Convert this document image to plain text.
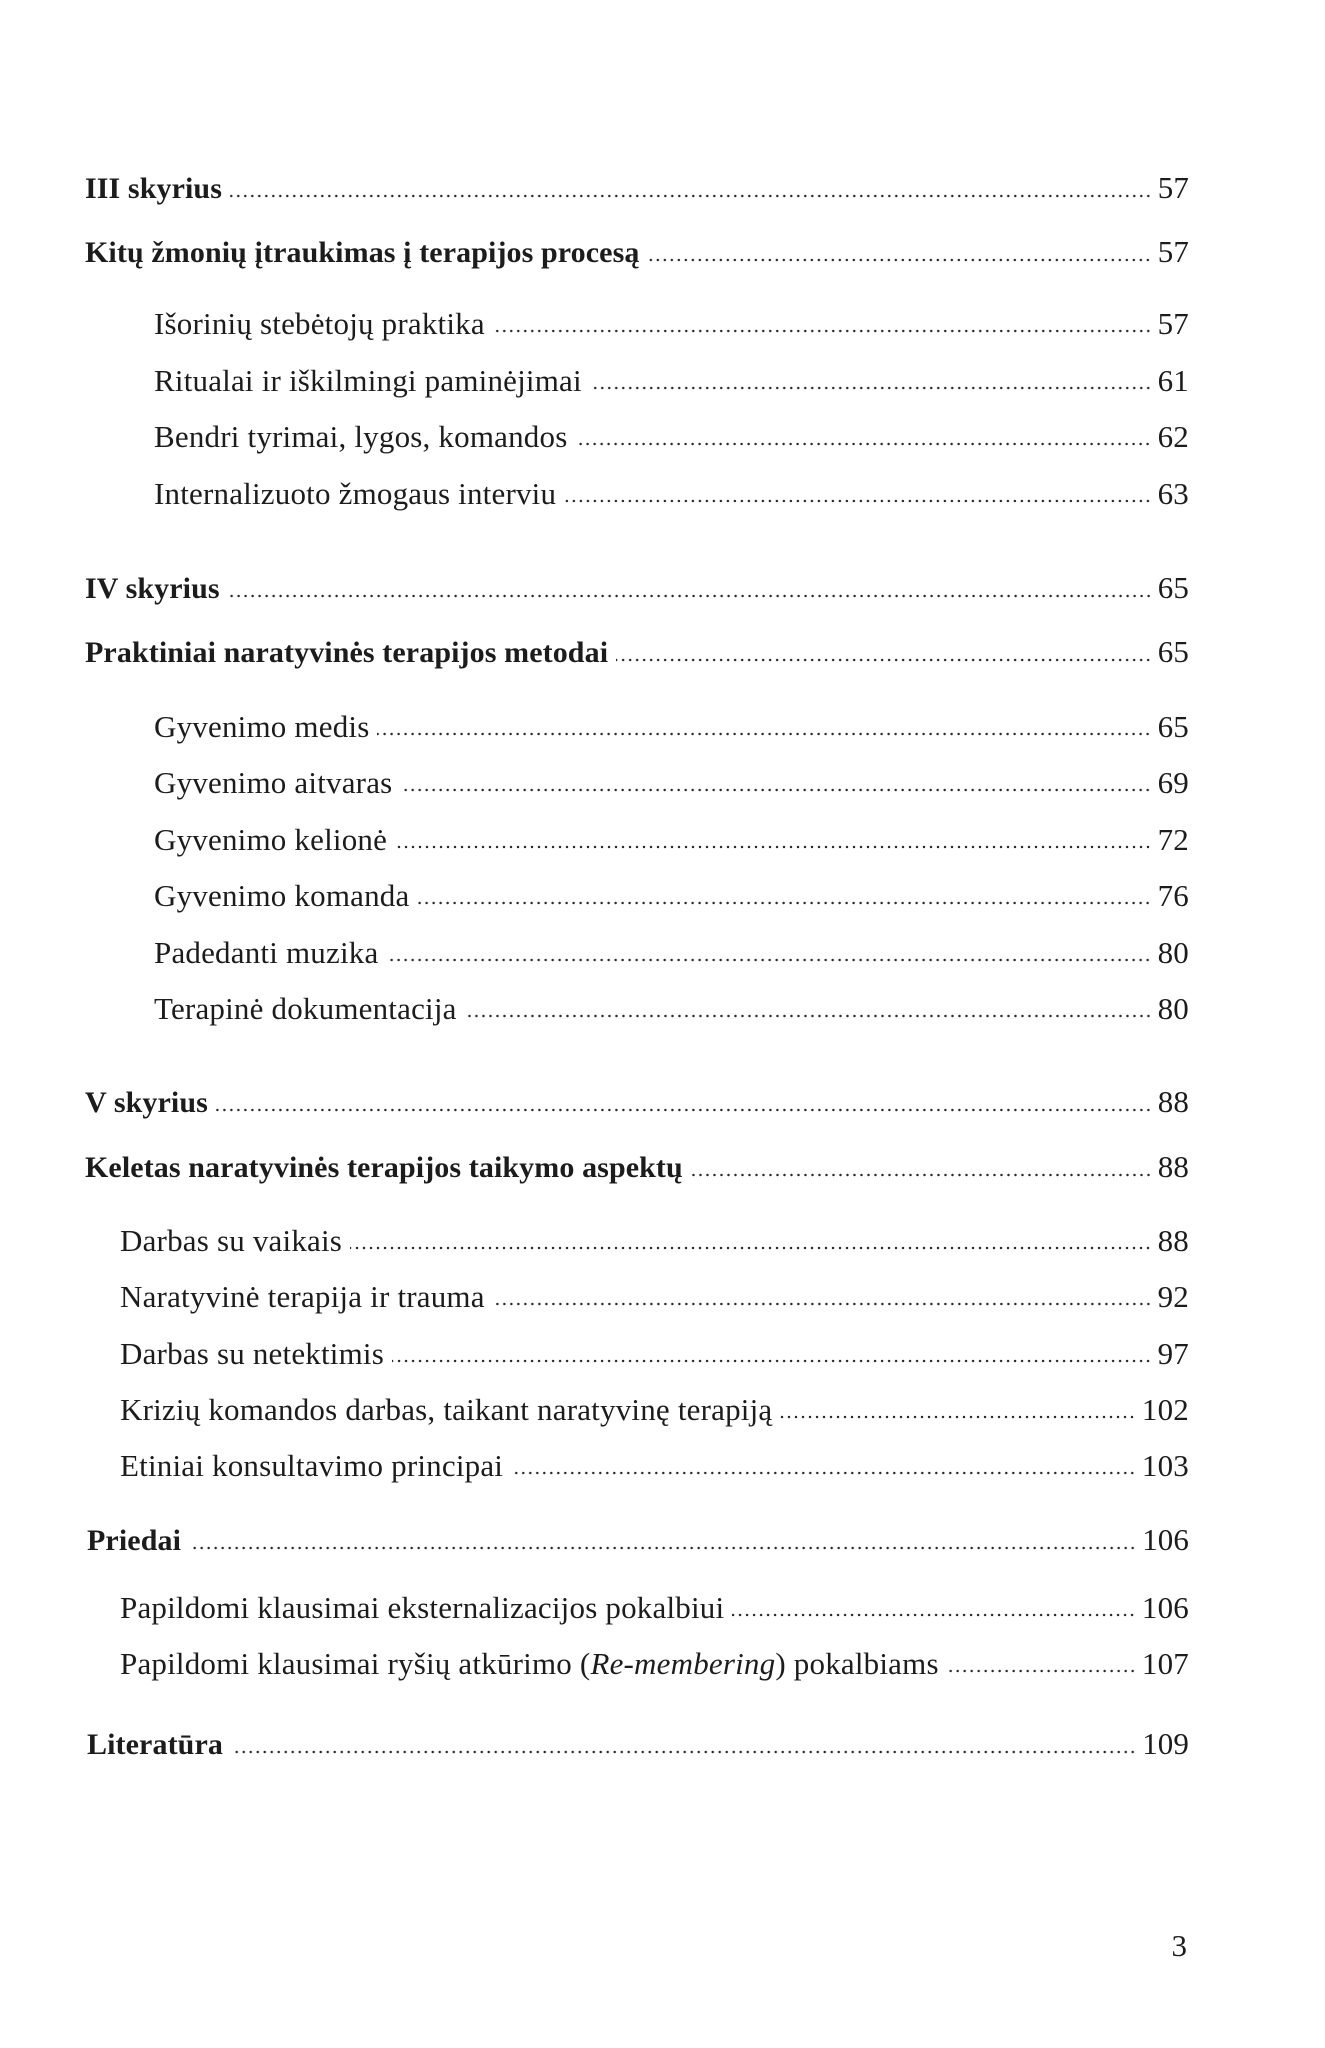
III skyrius	57
Kitų žmonių įtraukimas į terapijos procesą	57
Išorinių stebėtojų praktika	57
Ritualai ir iškilmingi paminėjimai	61
Bendri tyrimai, lygos, komandos	62
Internalizuoto žmogaus interviu	63
IV skyrius	65
Praktiniai naratyvinės terapijos metodai	65
Gyvenimo medis	65
Gyvenimo aitvaras	69
Gyvenimo kelionė	72
Gyvenimo komanda	76
Padedanti muzika	80
Terapinė dokumentacija	80
V skyrius	88
Keletas naratyvinės terapijos taikymo aspektų	88
Darbas su vaikais	88
Naratyvinė terapija ir trauma	92
Darbas su netektimis	97
Krizių komandos darbas, taikant naratyvinę terapiją	102
Etiniai konsultavimo principai	103
Priedai	106
Papildomi klausimai eksternalizacijos pokalbiui	106
Papildomi klausimai ryšių atkūrimo (Re-membering) pokalbiams	107
Literatūra	109
3
